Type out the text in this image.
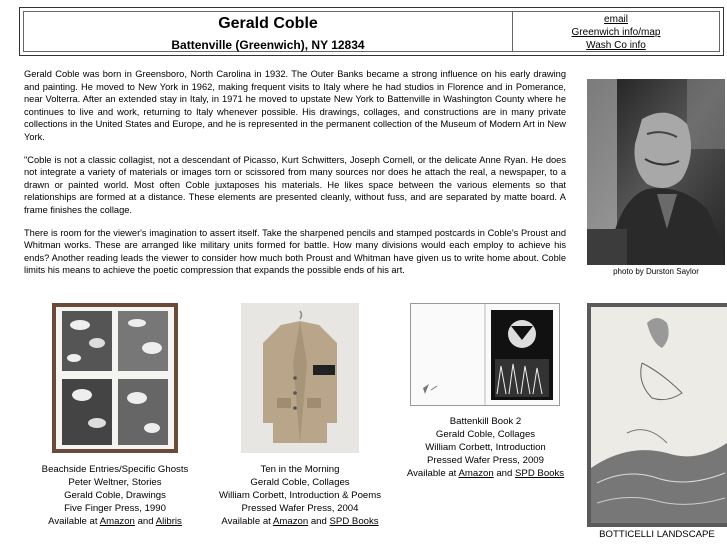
Gerald Coble
Battenville (Greenwich), NY 12834
email
Greenwich info/map
Wash Co info

Gerald Coble was born in Greensboro, North Carolina in 1932. The Outer Banks became a strong influence on his early drawing and painting. He moved to New York in 1962, making frequent visits to Italy where he had studios in Florence and in Pomerance, near Volterra. After an extended stay in Italy, in 1971 he moved to upstate New York to Battenville in Washington County where he continues to live and work, returning to Italy whenever possible. His drawings, collages, and constructions are in many private collections in the United States and Europe, and he is represented in the permanent collection of the Museum of Modern Art in New York.

"Coble is not a classic collagist, not a descendant of Picasso, Kurt Schwitters, Joseph Cornell, or the delicate Anne Ryan. He does not integrate a variety of materials or images torn or scissored from many sources nor does he attach the real, a newspaper, to a drawn or painted world. Most often Coble juxtaposes his materials. He likes space between the various elements so that relationships are formed at a distance. These elements are presented cleanly, without fuss, and are separated by matte board. A frame finishes the collage.

There is room for the viewer's imagination to assert itself. Take the sharpened pencils and stamped postcards in Coble's Proust and Whitman works. These are arranged like military units formed for battle. How many divisions would each employ to achieve his ends? Another reading leads the viewer to consider how much both Proust and Whitman have given us to write home about. Coble limits his means to achieve the poetic compression that expands the possible ends of his art.	photo by Durston Saylor
Beachside Entries/Specific Ghosts
Peter Weltner, Stories
Gerald Coble, Drawings
Five Finger Press, 1990
Available at Amazon and Alibris
Ten in the Morning
Gerald Coble, Collages
William Corbett, Introduction & Poems
Pressed Wafer Press, 2004
Available at Amazon and SPD Books
Battenkill Book 2
Gerald Coble, Collages
William Corbett, Introduction
Pressed Wafer Press, 2009
Available at Amazon and SPD Books
BOTTICELLI LANDSCAPE
